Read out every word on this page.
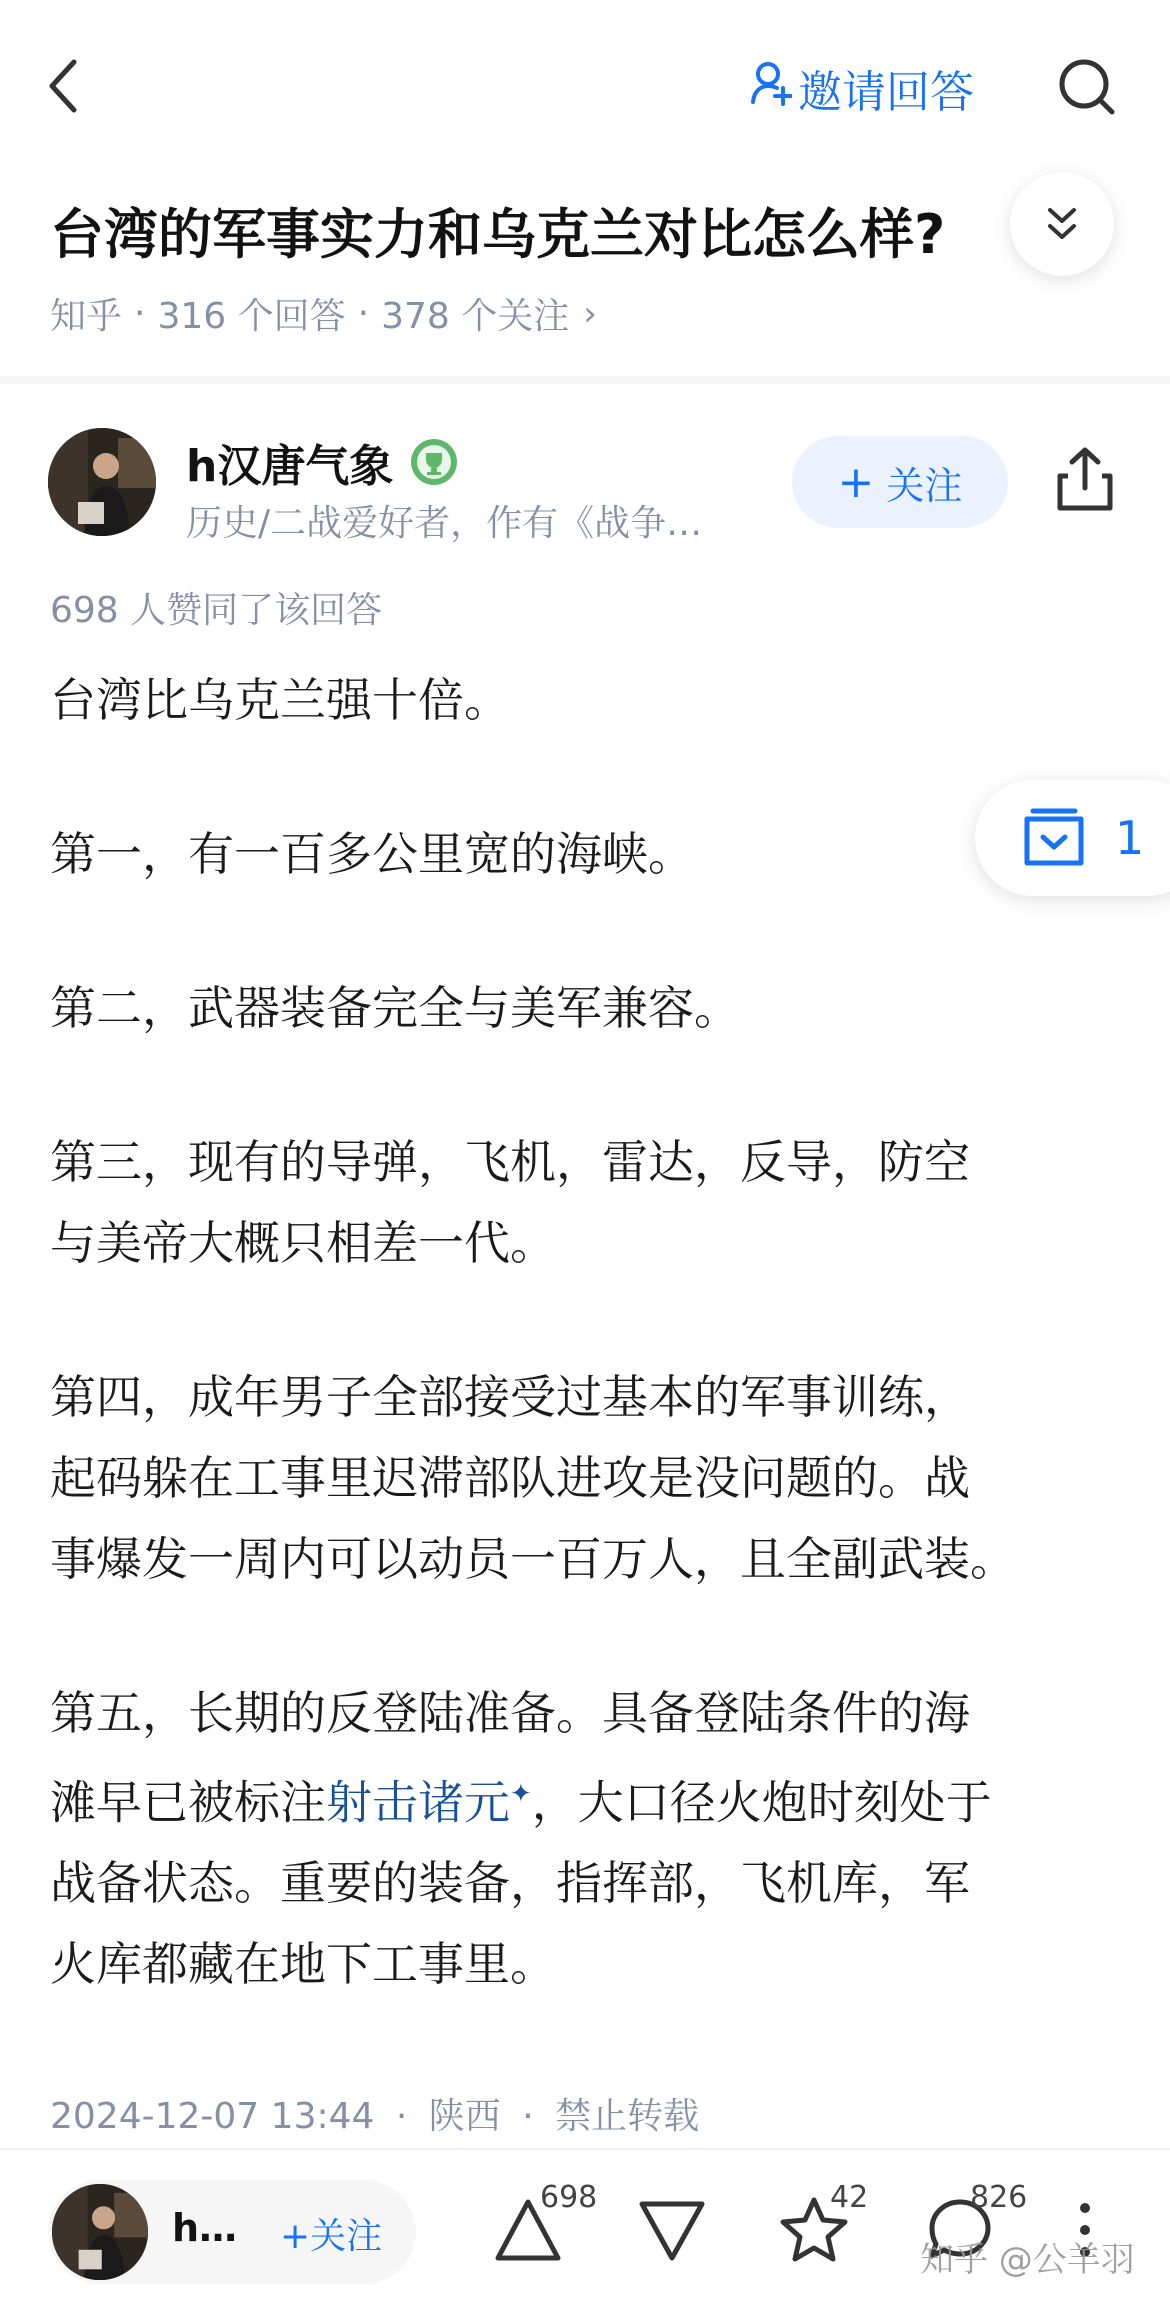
邀请回答
台湾的军事实力和乌克兰对比怎么样?
知乎 · 316 个回答 · 378 个关注 ›
h汉唐气象
历史/二战爱好者，作有《战争…
+ 关注
698 人赞同了该回答

台湾比乌克兰强十倍。

第一，有一百多公里宽的海峡。

第二，武器装备完全与美军兼容。

第三，现有的导弹，飞机，雷达，反导，防空
与美帝大概只相差一代。

第四，成年男子全部接受过基本的军事训练，
起码躲在工事里迟滞部队进攻是没问题的。战
事爆发一周内可以动员一百万人，且全副武装。

第五，长期的反登陆准备。具备登陆条件的海
滩早已被标注射击诸元✦，大口径火炮时刻处于
战备状态。重要的装备，指挥部，飞机库，军
火库都藏在地下工事里。

1
2024-12-07 13:44 · 陕西 · 禁止转载
h… +关注
698	42	826
知乎 @公羊羽
